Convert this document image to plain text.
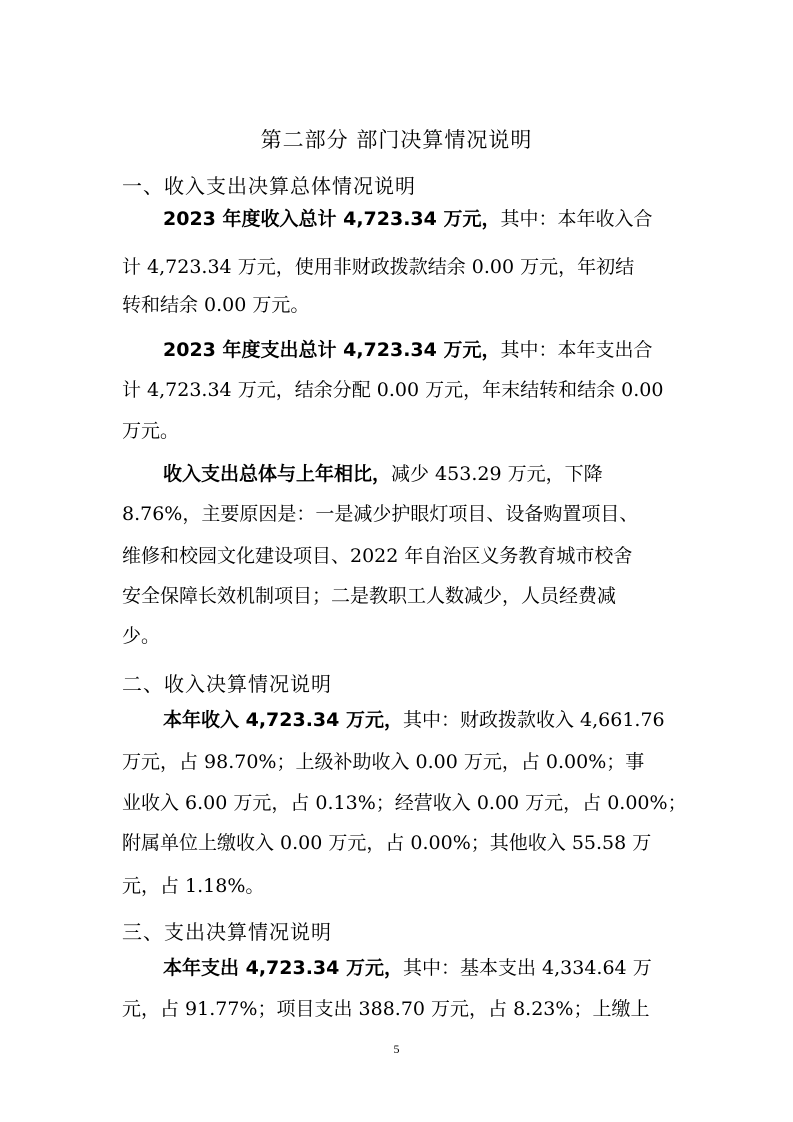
第二部分 部门决算情况说明
一、收入支出决算总体情况说明
2023 年度收入总计 4,723.34 万元，其中：本年收入合
计 4,723.34 万元，使用非财政拨款结余 0.00 万元，年初结
转和结余 0.00 万元。
2023 年度支出总计 4,723.34 万元，其中：本年支出合
计 4,723.34 万元，结余分配 0.00 万元，年末结转和结余 0.00
万元。
收入支出总体与上年相比，减少 453.29 万元，下降
8.76%，主要原因是：一是减少护眼灯项目、设备购置项目、
维修和校园文化建设项目、2022 年自治区义务教育城市校舍
安全保障长效机制项目；二是教职工人数减少，人员经费减
少。
二、收入决算情况说明
本年收入 4,723.34 万元，其中：财政拨款收入 4,661.76
万元，占 98.70%；上级补助收入 0.00 万元，占 0.00%；事
业收入 6.00 万元，占 0.13%；经营收入 0.00 万元，占 0.00%；
附属单位上缴收入 0.00 万元，占 0.00%；其他收入 55.58 万
元，占 1.18%。
三、支出决算情况说明
本年支出 4,723.34 万元，其中：基本支出 4,334.64 万
元，占 91.77%；项目支出 388.70 万元，占 8.23%；上缴上
5
